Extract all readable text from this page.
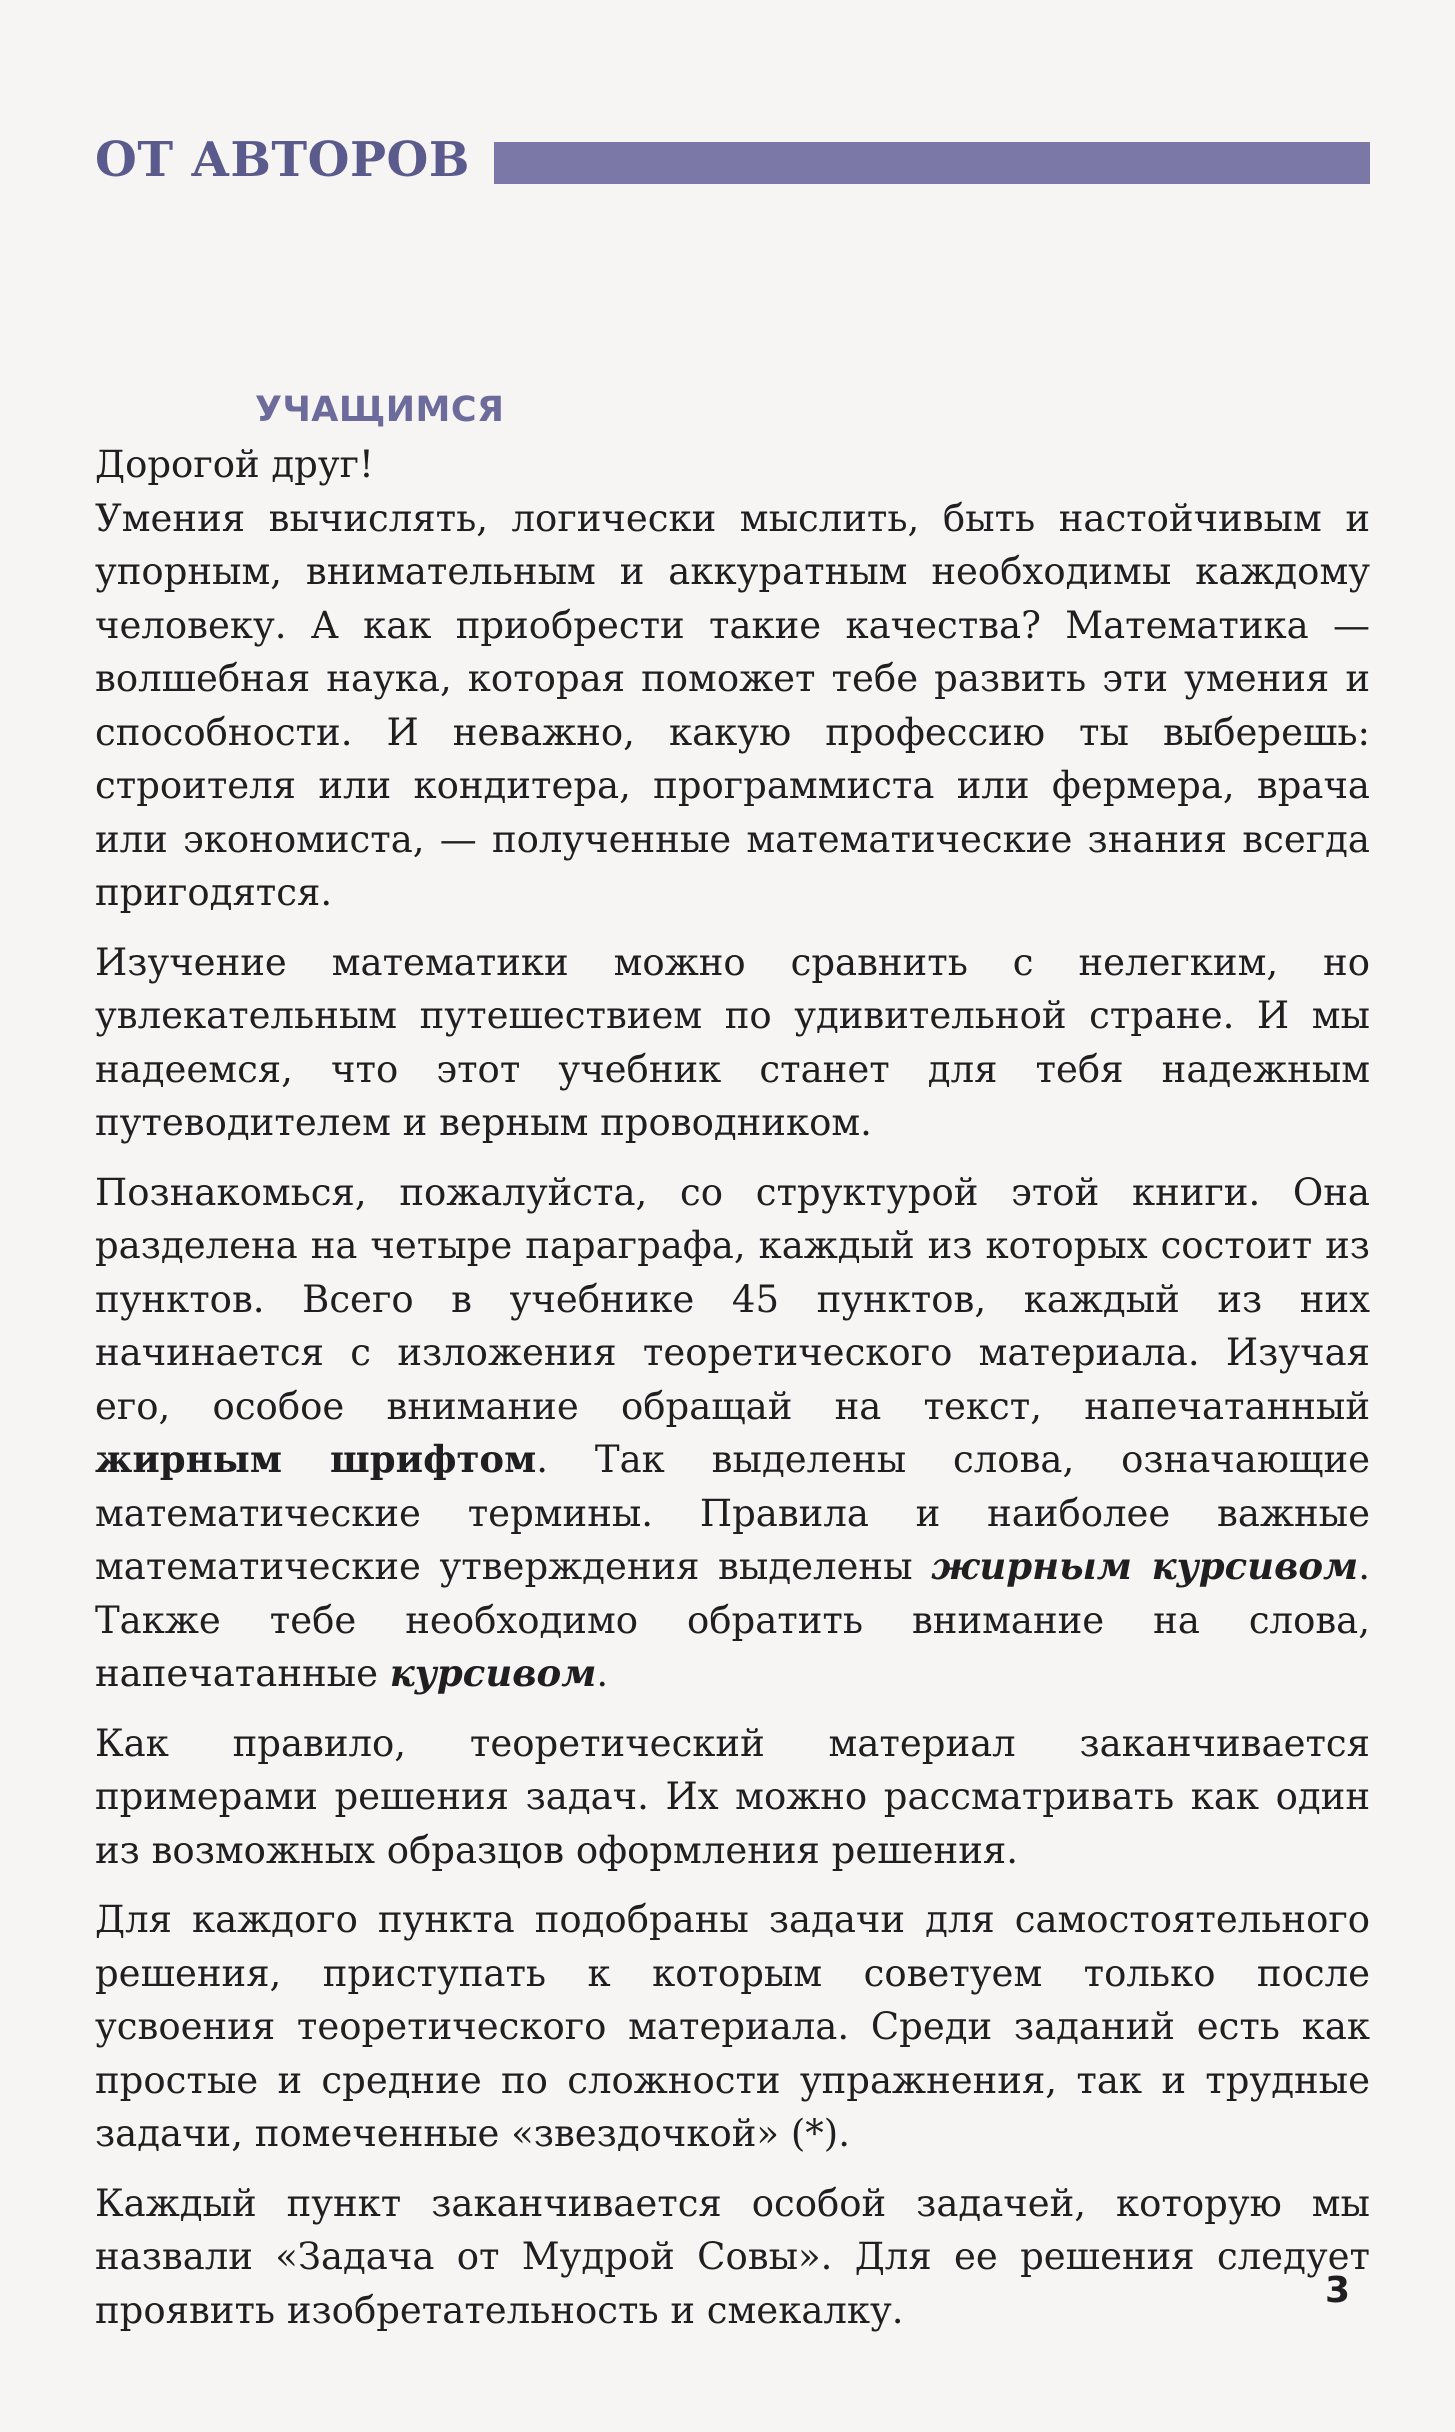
ОТ АВТОРОВ
УЧАЩИМСЯ

Дорогой друг!

Умения вычислять, логически мыслить, быть настойчивым и упорным, внимательным и аккуратным необходимы каждому человеку. А как приобрести такие качества? Математика — волшебная наука, которая поможет тебе развить эти умения и способности. И неважно, какую профессию ты выберешь: строителя или кондитера, программиста или фермера, врача или экономиста, — полученные математические знания всегда пригодятся.

Изучение математики можно сравнить с нелегким, но увлекательным путешествием по удивительной стране. И мы надеемся, что этот учебник станет для тебя надежным путеводителем и верным проводником.

Познакомься, пожалуйста, со структурой этой книги. Она разделена на четыре параграфа, каждый из которых состоит из пунктов. Всего в учебнике 45 пунктов, каждый из них начинается с изложения теоретического материала. Изучая его, особое внимание обращай на текст, напечатанный жирным шрифтом. Так выделены слова, означающие математические термины. Правила и наиболее важные математические утверждения выделены жирным курсивом. Также тебе необходимо обратить внимание на слова, напечатанные курсивом.

Как правило, теоретический материал заканчивается примерами решения задач. Их можно рассматривать как один из возможных образцов оформления решения.

Для каждого пункта подобраны задачи для самостоятельного решения, приступать к которым советуем только после усвоения теоретического материала. Среди заданий есть как простые и средние по сложности упражнения, так и трудные задачи, помеченные «звездочкой» (*).

Каждый пункт заканчивается особой задачей, которую мы назвали «Задача от Мудрой Совы». Для ее решения следует проявить изобретательность и смекалку.	3
